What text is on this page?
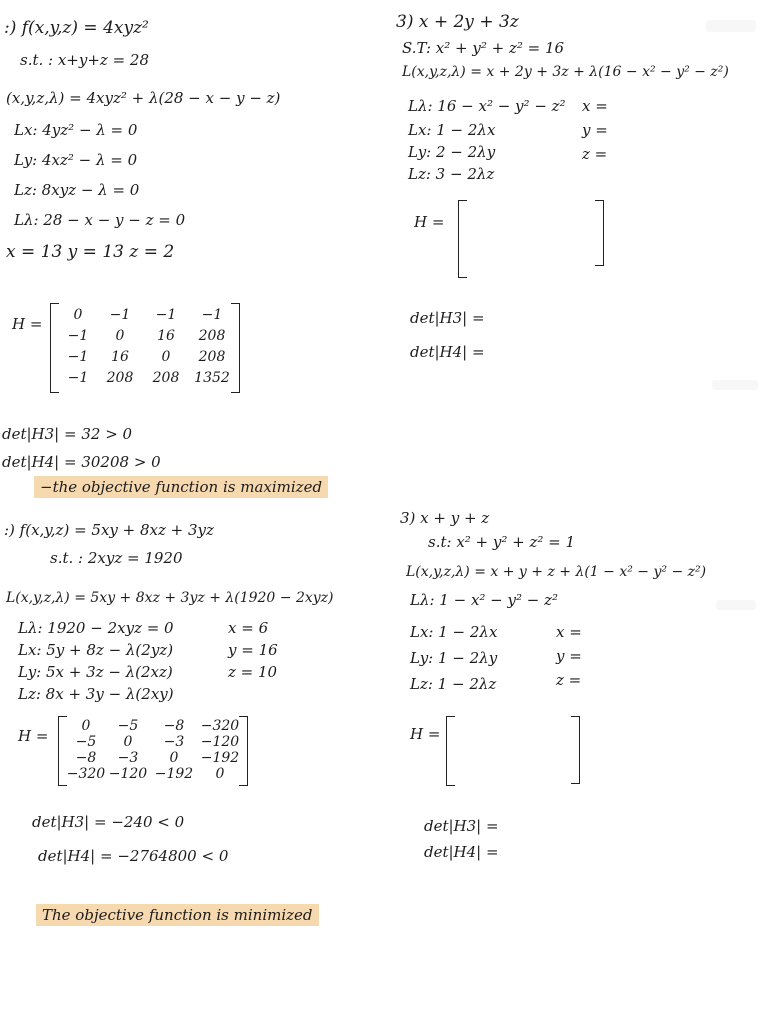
:) f(x,y,z) = 4xyz²
s.t. : x+y+z = 28
(x,y,z,λ) = 4xyz² + λ(28 − x − y − z)
Lx: 4yz² − λ = 0
Ly: 4xz² − λ = 0
Lz: 8xyz − λ = 0
Lλ: 28 − x − y − z = 0
x = 13 y = 13 z = 2
H =	0	−1	−1	−1
−1	0	16	208
−1	16	0	208
−1	208	208	1352
det|H3| = 32 > 0
det|H4| = 30208 > 0
−the objective function is maximized
:) f(x,y,z) = 5xy + 8xz + 3yz
s.t. : 2xyz = 1920
L(x,y,z,λ) = 5xy + 8xz + 3yz + λ(1920 − 2xyz)
Lλ: 1920 − 2xyz = 0
Lx: 5y + 8z − λ(2yz)
Ly: 5x + 3z − λ(2xz)
Lz: 8x + 3y − λ(2xy)
x = 6
y = 16
z = 10
H =
0	−5	−8	−320
−5	0	−3	−120
−8	−3	0	−192
−320 −120 −192	0
det|H3| = −240 < 0
det|H4| = −2764800 < 0
The objective function is minimized
3) x + 2y + 3z
S.T: x² + y² + z² = 16
L(x,y,z,λ) = x + 2y + 3z + λ(16 − x² − y² − z²)
Lλ: 16 − x² − y² − z²
Lx: 1 − 2λx
Ly: 2 − 2λy
Lz: 3 − 2λz
x =
y =
z =
H =
det|H3| =
det|H4| =
3) x + y + z
s.t: x² + y² + z² = 1
L(x,y,z,λ) = x + y + z + λ(1 − x² − y² − z²)
Lλ: 1 − x² − y² − z²
Lx: 1 − 2λx
Ly: 1 − 2λy
Lz: 1 − 2λz
x =
y =
z =
H =
det|H3| =
det|H4| =
